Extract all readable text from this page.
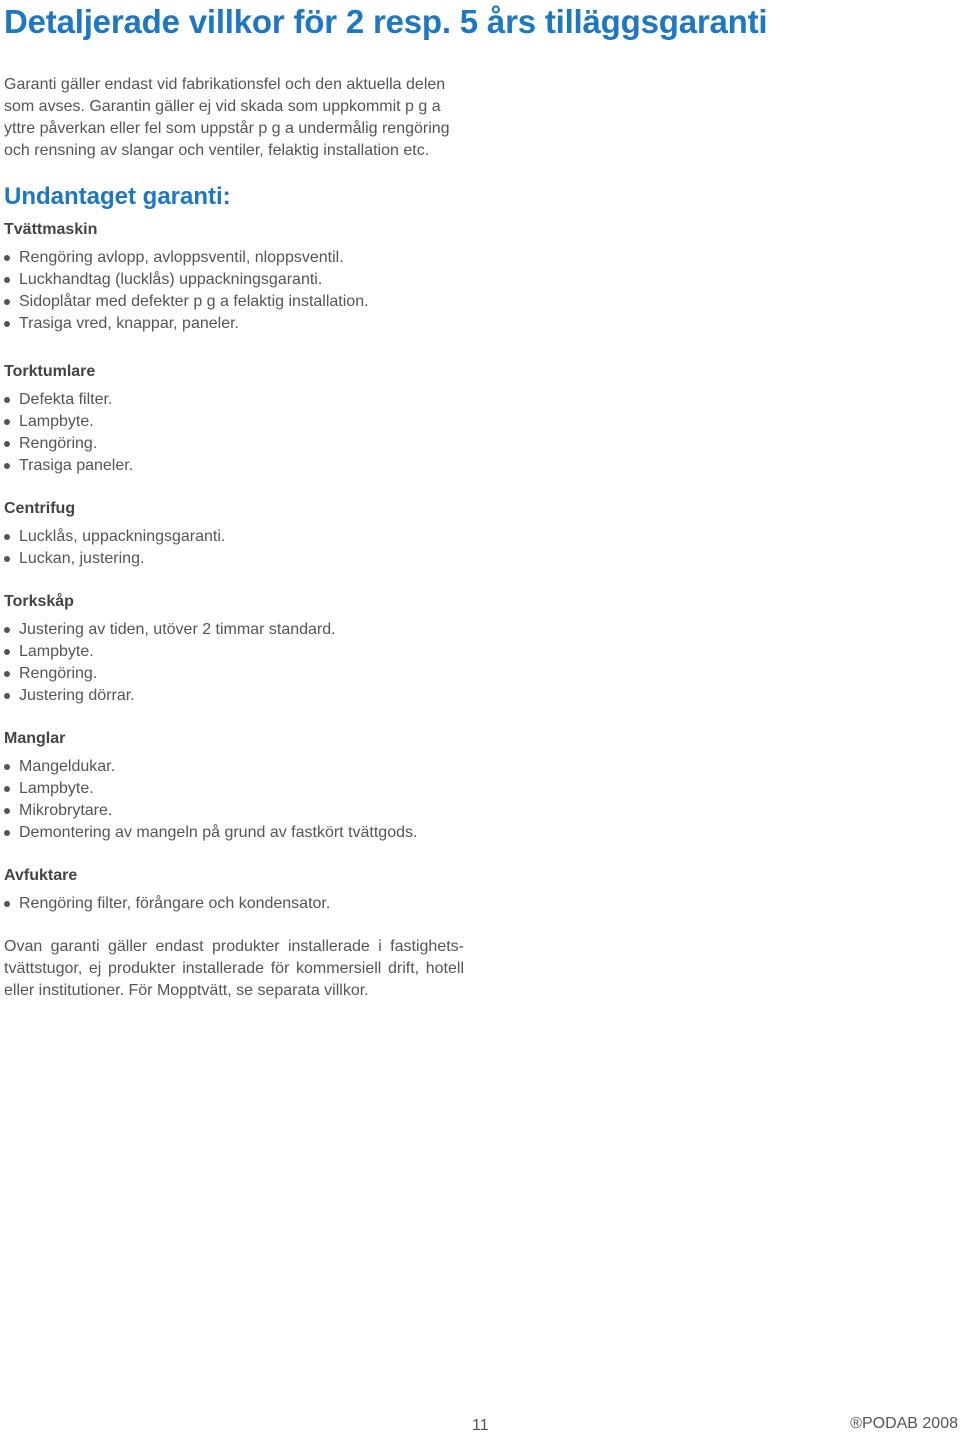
Detaljerade villkor för 2 resp. 5 års tilläggsgaranti

Garanti gäller endast vid fabrikationsfel och den aktuella delen som avses. Garantin gäller ej vid skada som uppkommit p g a yttre påverkan eller fel som uppstår p g a undermålig rengöring och rensning av slangar och ventiler, felaktig installation etc.

Undantaget garanti:
Tvättmaskin
Rengöring avlopp, avloppsventil, nloppsventil.
Luckhandtag (lucklås) uppackningsgaranti.
Sidoplåtar med defekter p g a felaktig installation.
Trasiga vred, knappar, paneler.
Torktumlare
Defekta filter.
Lampbyte.
Rengöring.
Trasiga paneler.
Centrifug
Lucklås, uppackningsgaranti.
Luckan, justering.
Torkskåp
Justering av tiden, utöver 2 timmar standard.
Lampbyte.
Rengöring.
Justering dörrar.
Manglar
Mangeldukar.
Lampbyte.
Mikrobrytare.
Demontering av mangeln på grund av fastkört tvättgods.
Avfuktare
Rengöring filter, förångare och kondensator.

Ovan garanti gäller endast produkter installerade i fastighets-tvättstugor, ej produkter installerade för kommersiell drift, hotell eller institutioner. För Mopptvätt, se separata villkor.

11	®PODAB 2008
